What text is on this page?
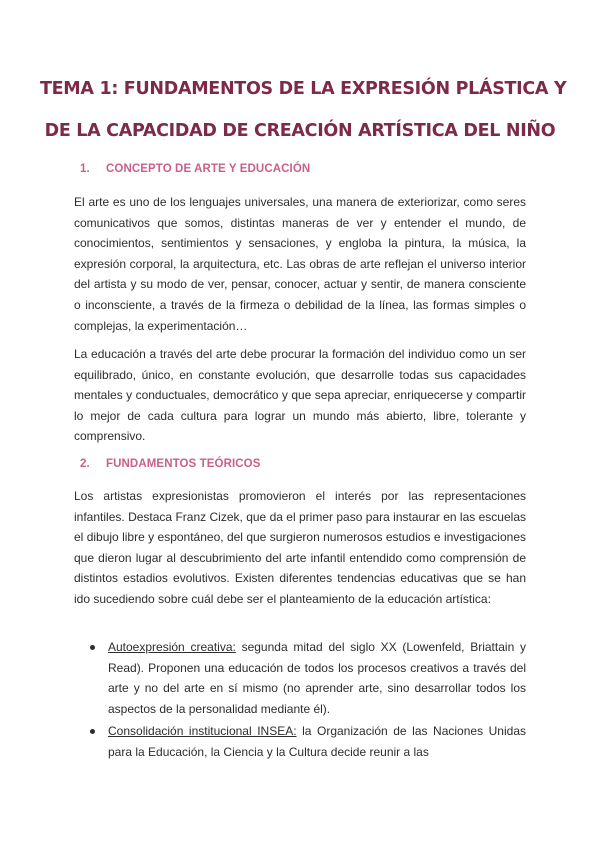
TEMA 1: FUNDAMENTOS DE LA EXPRESIÓN PLÁSTICA Y
DE LA CAPACIDAD DE CREACIÓN ARTÍSTICA DEL NIÑO
1. CONCEPTO DE ARTE Y EDUCACIÓN
El arte es uno de los lenguajes universales, una manera de exteriorizar, como seres comunicativos que somos, distintas maneras de ver y entender el mundo, de conocimientos, sentimientos y sensaciones, y engloba la pintura, la música, la expresión corporal, la arquitectura, etc. Las obras de arte reflejan el universo interior del artista y su modo de ver, pensar, conocer, actuar y sentir, de manera consciente o inconsciente, a través de la firmeza o debilidad de la línea, las formas simples o complejas, la experimentación…
La educación a través del arte debe procurar la formación del individuo como un ser equilibrado, único, en constante evolución, que desarrolle todas sus capacidades mentales y conductuales, democrático y que sepa apreciar, enriquecerse y compartir lo mejor de cada cultura para lograr un mundo más abierto, libre, tolerante y comprensivo.
2. FUNDAMENTOS TEÓRICOS
Los artistas expresionistas promovieron el interés por las representaciones infantiles. Destaca Franz Cizek, que da el primer paso para instaurar en las escuelas el dibujo libre y espontáneo, del que surgieron numerosos estudios e investigaciones que dieron lugar al descubrimiento del arte infantil entendido como comprensión de distintos estadios evolutivos. Existen diferentes tendencias educativas que se han ido sucediendo sobre cuál debe ser el planteamiento de la educación artística:
Autoexpresión creativa: segunda mitad del siglo XX (Lowenfeld, Briattain y Read). Proponen una educación de todos los procesos creativos a través del arte y no del arte en sí mismo (no aprender arte, sino desarrollar todos los aspectos de la personalidad mediante él).
Consolidación institucional INSEA: la Organización de las Naciones Unidas para la Educación, la Ciencia y la Cultura decide reunir a las
